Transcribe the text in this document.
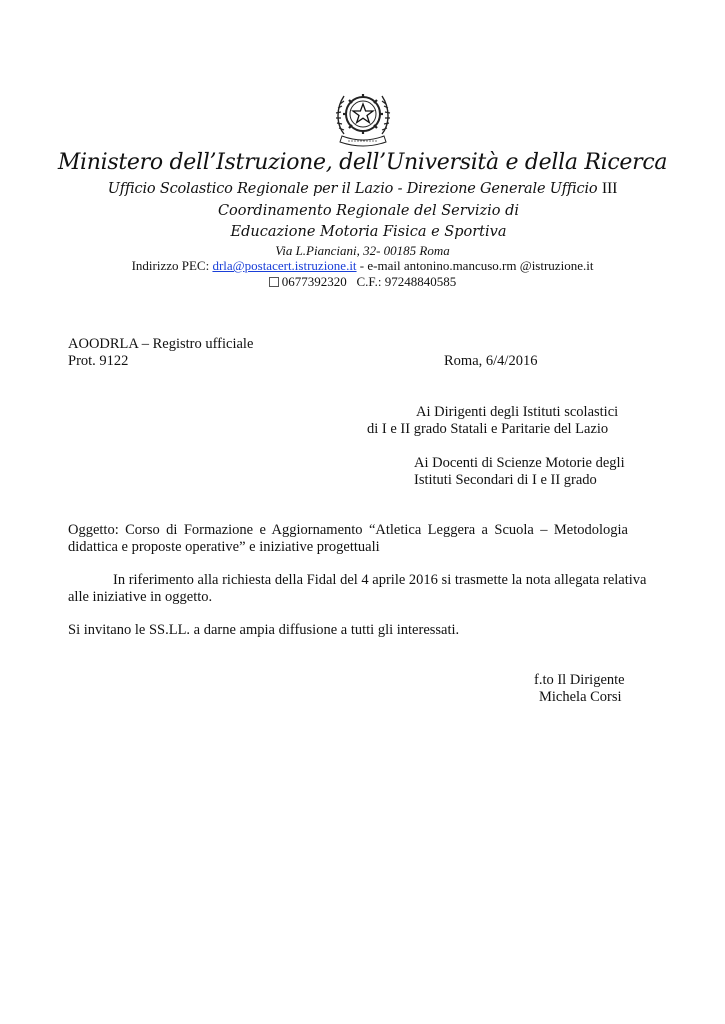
Ministero dell’Istruzione, dell’Università e della Ricerca
Ufficio Scolastico Regionale per il Lazio - Direzione Generale Ufficio III
Coordinamento Regionale del Servizio di
Educazione Motoria Fisica e Sportiva
Via L.Pianciani, 32- 00185 Roma
Indirizzo PEC: drla@postacert.istruzione.it - e-mail antonino.mancuso.rm @istruzione.it
0677392320 C.F.: 97248840585
AOODRLA – Registro ufficiale
Prot. 9122	Roma, 6/4/2016
Ai Dirigenti degli Istituti scolastici
di I e II grado Statali e Paritarie del Lazio
Ai Docenti di Scienze Motorie degli
Istituti Secondari di I e II grado
Oggetto: Corso di Formazione e Aggiornamento “Atletica Leggera a Scuola – Metodologia
didattica e proposte operative” e iniziative progettuali
In riferimento alla richiesta della Fidal del 4 aprile 2016 si trasmette la nota allegata relativa
alle iniziative in oggetto.
Si invitano le SS.LL. a darne ampia diffusione a tutti gli interessati.
f.to Il Dirigente
Michela Corsi
